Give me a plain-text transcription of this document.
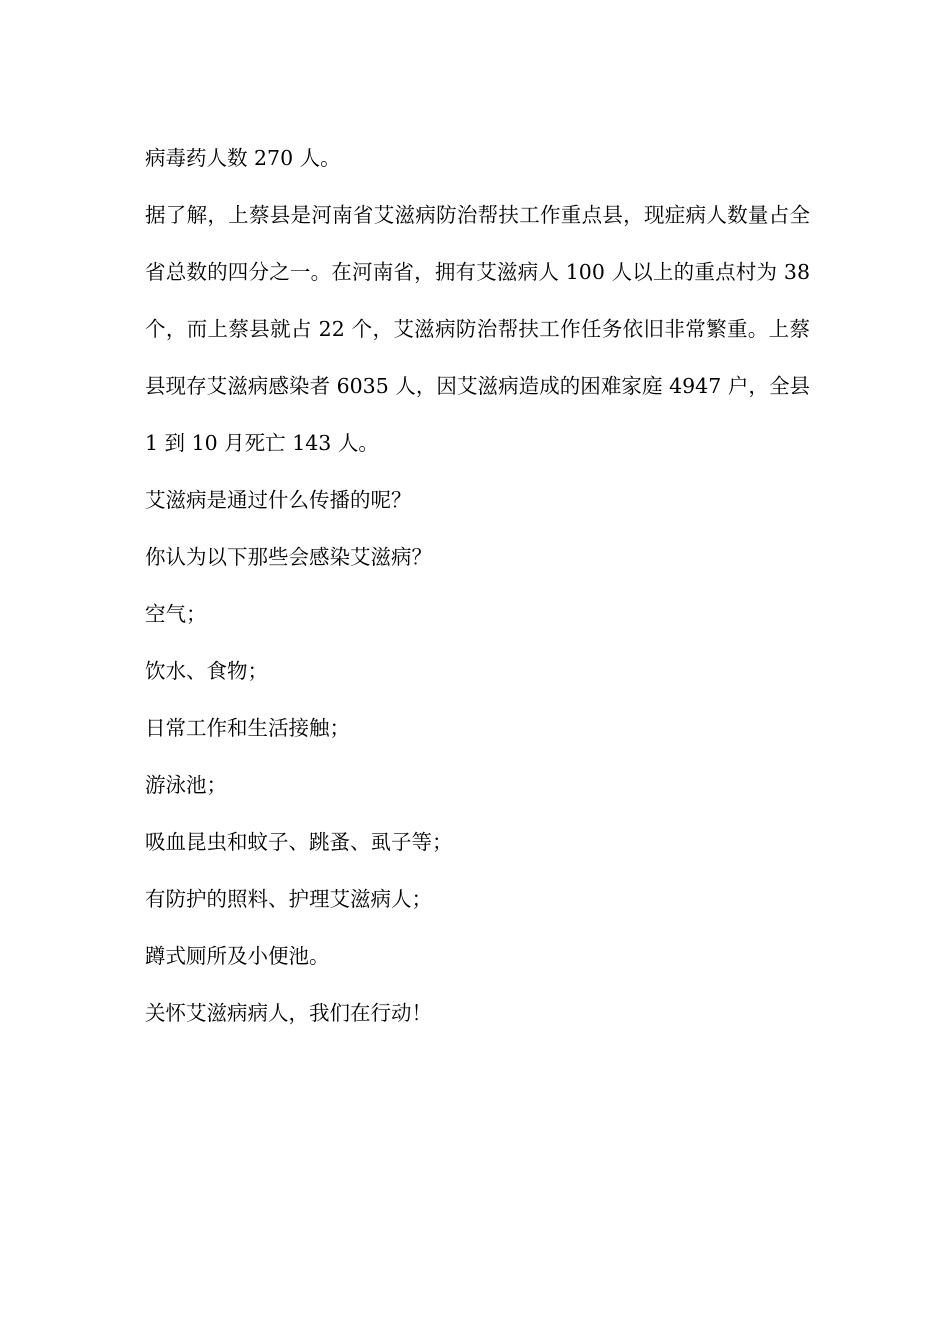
病毒药人数 270 人。

据了解，上蔡县是河南省艾滋病防治帮扶工作重点县，现症病人数量占全省总数的四分之一。在河南省，拥有艾滋病人 100 人以上的重点村为 38 个，而上蔡县就占 22 个，艾滋病防治帮扶工作任务依旧非常繁重。上蔡县现存艾滋病感染者 6035 人，因艾滋病造成的困难家庭 4947 户，全县 1 到 10 月死亡 143 人。

艾滋病是通过什么传播的呢？

你认为以下那些会感染艾滋病？

空气；

饮水、食物；

日常工作和生活接触；

游泳池；

吸血昆虫和蚊子、跳蚤、虱子等；

有防护的照料、护理艾滋病人；

蹲式厕所及小便池。

关怀艾滋病病人，我们在行动！
